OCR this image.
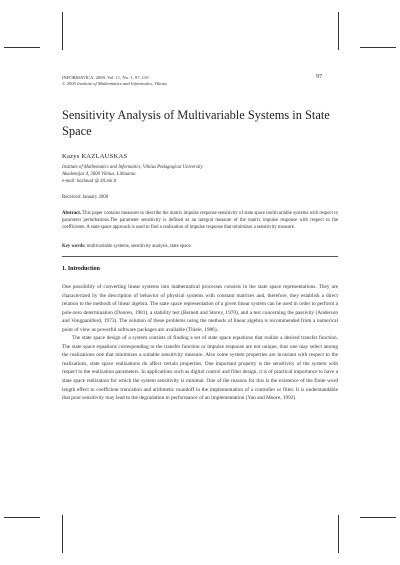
INFORMATICA, 2000, Vol. 11, No. 1, 97–110
© 2000 Institute of Mathematics and Informatics, Vilnius
97
Sensitivity Analysis of Multivariable Systems in State Space
Kazys KAZLAUSKAS
Institute of Mathematics and Informatics, Vilnius Pedagogical University
Akademijos 4, 2600 Vilnius, Lithuania
e-mail: kazlausk @ ktl.mii.lt
Received: January 2000
Abstract. This paper contains measures to describe the matrix impulse response sensitivity of state space multivariable systems with respect to parameter perturbations.The parameter sensitivity is defined as an integral measure of the matrix impulse response with respect to the coefficients. A state space approach is used to find a realization of impulse response that minimizes a sensitivity measure.
Key words: multivariable systems, sensitivity analysis, state space.
1. Introduction

One possibility of converting linear systems into mathematical processes consists in the state space representations. They are characterized by the description of behavior of physical systems with constant matrices and, therefore, they establish a direct relation to the methods of linear algebra. The state space representation of a given linear system can be used in order to perform a pole-zero determination (Dooren, 1981), a stability test (Bernett and Storey, 1970), and a test concerning the passivity (Anderson and Vongpanitlerd, 1973). The solution of these problems using the methods of linear algebra is recommended from a numerical point of view as powerful software packages are available (Thiele, 1986).

The state space design of a system consists of finding a set of state space equations that realize a desired transfer function. The state space equations corresponding to the transfer function or impulse response are not unique, thus one may select among the realizations one that minimizes a suitable sensitivity measure. Also some system properties are invariant with respect to the realizations, state space realizations do affect certain properties. One important property is the sensitivity of the system with respect to the realization parameters. In applications such as digital control and filter design, it is of practical importance to have a state space realization for which the system sensitivity is minimal. One of the reasons for this is the existence of the finite word length effect to coefficient truncation and arithmetic roundoff in the implementation of a controller or filter. It is understandable that poor sensitivity may lead to the degradation in performance of an implementation (Yan and Moore, 1992).
